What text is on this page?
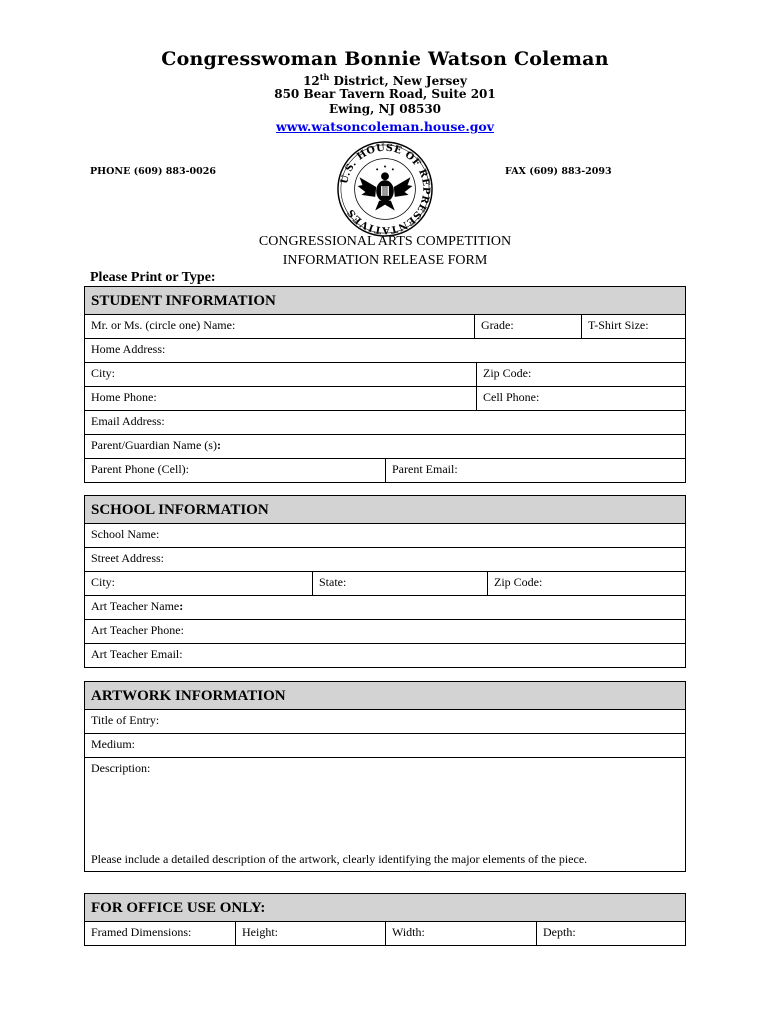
Congresswoman Bonnie Watson Coleman
12th District, New Jersey
850 Bear Tavern Road, Suite 201
Ewing, NJ 08530
www.watsoncoleman.house.gov
PHONE (609) 883-0026	FAX (609) 883-2093
U.S. HOUSE OF REPRESENTATIVES
CONGRESSIONAL ARTS COMPETITION
INFORMATION RELEASE FORM
Please Print or Type:
STUDENT INFORMATION
Mr. or Ms. (circle one) Name:	Grade:	T-Shirt Size:
Home Address:
City:	Zip Code:
Home Phone:	Cell Phone:
Email Address:
Parent/Guardian Name (s):
Parent Phone (Cell):	Parent Email:
SCHOOL INFORMATION
School Name:
Street Address:
City:	State:	Zip Code:
Art Teacher Name:
Art Teacher Phone:
Art Teacher Email:
ARTWORK INFORMATION
Title of Entry:
Medium:
Description:
Please include a detailed description of the artwork, clearly identifying the major elements of the piece.
FOR OFFICE USE ONLY:
Framed Dimensions:	Height:	Width:	Depth:
